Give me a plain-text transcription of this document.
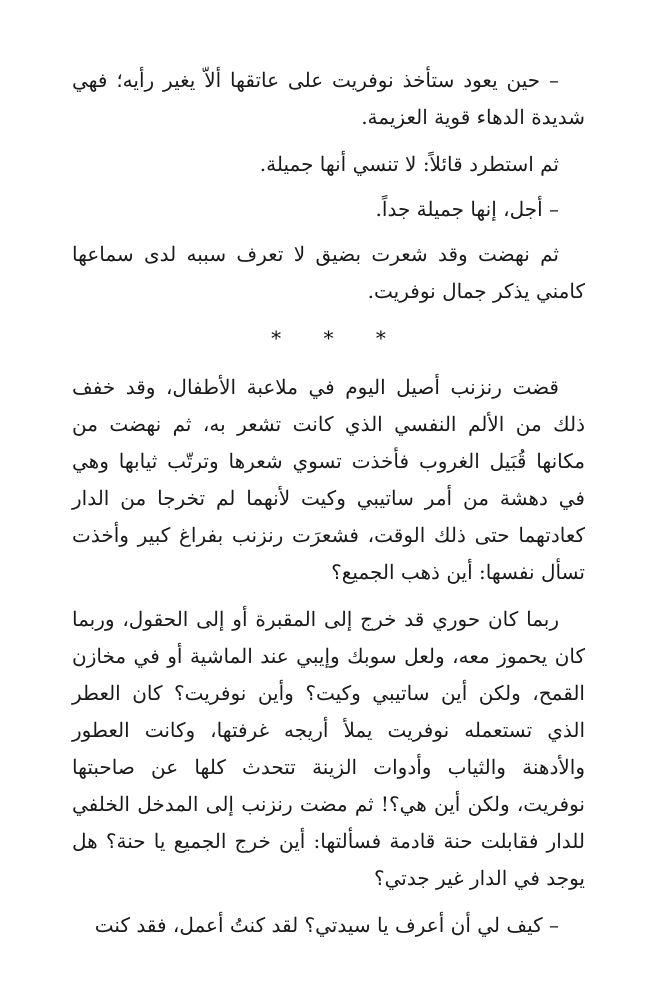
– حين يعود ستأخذ نوفريت على عاتقها ألاّ يغير رأيه؛ فهي شديدة الدهاء قوية العزيمة.

ثم استطرد قائلاً: لا تنسي أنها جميلة.

– أجل، إنها جميلة جداً.

ثم نهضت وقد شعرت بضيق لا تعرف سببه لدى سماعها كامني يذكر جمال نوفريت.

* * *

قضت رنزنب أصيل اليوم في ملاعبة الأطفال، وقد خفف ذلك من الألم النفسي الذي كانت تشعر به، ثم نهضت من مكانها قُبَيل الغروب فأخذت تسوي شعرها وترتّب ثيابها وهي في دهشة من أمر ساتيبي وكيت لأنهما لم تخرجا من الدار كعادتهما حتى ذلك الوقت، فشعرَت رنزنب بفراغ كبير وأخذت تسأل نفسها: أين ذهب الجميع؟

ربما كان حوري قد خرج إلى المقبرة أو إلى الحقول، وربما كان يحموز معه، ولعل سوبك وإيبي عند الماشية أو في مخازن القمح، ولكن أين ساتيبي وكيت؟ وأين نوفريت؟ كان العطر الذي تستعمله نوفريت يملأ أريجه غرفتها، وكانت العطور والأدهنة والثياب وأدوات الزينة تتحدث كلها عن صاحبتها نوفريت، ولكن أين هي؟! ثم مضت رنزنب إلى المدخل الخلفي للدار فقابلت حنة قادمة فسألتها: أين خرج الجميع يا حنة؟ هل يوجد في الدار غير جدتي؟

– كيف لي أن أعرف يا سيدتي؟ لقد كنتُ أعمل، فقد كنت
